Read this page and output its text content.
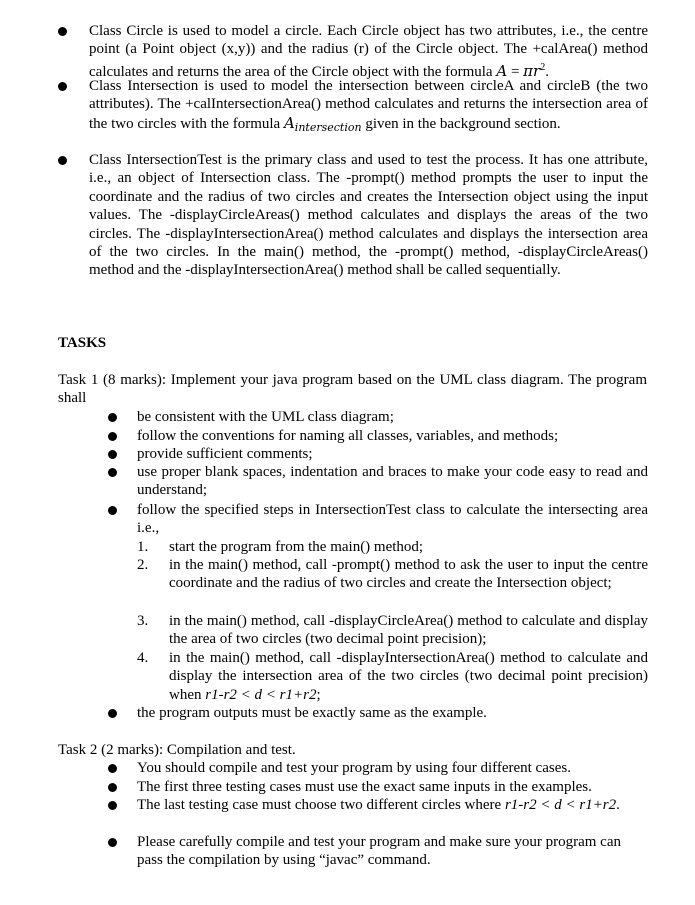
Class Circle is used to model a circle. Each Circle object has two attributes, i.e., the centre point (a Point object (x,y)) and the radius (r) of the Circle object. The +calArea() method calculates and returns the area of the Circle object with the formula $A = \pi r^2$.
Class Intersection is used to model the intersection between circleA and circleB (the two attributes). The +calIntersectionArea() method calculates and returns the intersection area of the two circles with the formula $A_{intersection}$ given in the background section.
Class IntersectionTest is the primary class and used to test the process. It has one attribute, i.e., an object of Intersection class. The -prompt() method prompts the user to input the coordinate and the radius of two circles and creates the Intersection object using the input values. The -displayCircleAreas() method calculates and displays the areas of the two circles. The -displayIntersectionArea() method calculates and displays the intersection area of the two circles. In the main() method, the -prompt() method, -displayCircleAreas() method and the -displayIntersectionArea() method shall be called sequentially.
TASKS
Task 1 (8 marks): Implement your java program based on the UML class diagram. The program shall
be consistent with the UML class diagram;
follow the conventions for naming all classes, variables, and methods;
provide sufficient comments;
use proper blank spaces, indentation and braces to make your code easy to read and understand;
follow the specified steps in IntersectionTest class to calculate the intersecting area i.e.,
1. start the program from the main() method;
2. in the main() method, call -prompt() method to ask the user to input the centre coordinate and the radius of two circles and create the Intersection object;
3. in the main() method, call -displayCircleArea() method to calculate and display the area of two circles (two decimal point precision);
4. in the main() method, call -displayIntersectionArea() method to calculate and display the intersection area of the two circles (two decimal point precision) when r1-r2 < d < r1+r2;
the program outputs must be exactly same as the example.
Task 2 (2 marks): Compilation and test.
You should compile and test your program by using four different cases.
The first three testing cases must use the exact same inputs in the examples.
The last testing case must choose two different circles where r1-r2 < d < r1+r2.
Please carefully compile and test your program and make sure your program can pass the compilation by using “javac” command.
